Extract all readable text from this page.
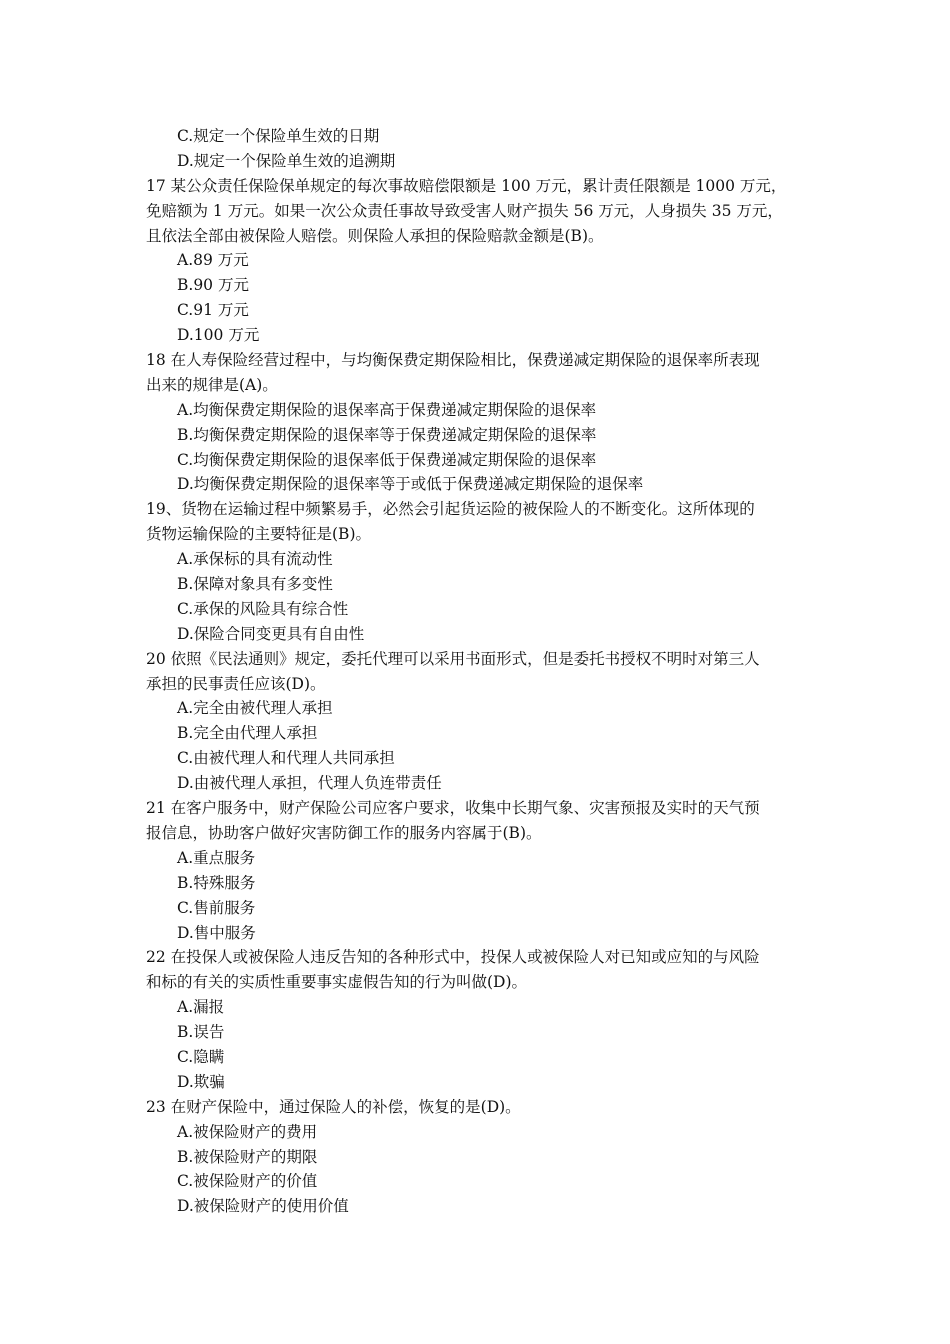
C.规定一个保险单生效的日期
D.规定一个保险单生效的追溯期
17 某公众责任保险保单规定的每次事故赔偿限额是 100 万元，累计责任限额是 1000 万元，
免赔额为 1 万元。如果一次公众责任事故导致受害人财产损失 56 万元，人身损失 35 万元，
且依法全部由被保险人赔偿。则保险人承担的保险赔款金额是(B)。
A.89 万元
B.90 万元
C.91 万元
D.100 万元
18 在人寿保险经营过程中，与均衡保费定期保险相比，保费递减定期保险的退保率所表现
出来的规律是(A)。
A.均衡保费定期保险的退保率高于保费递减定期保险的退保率
B.均衡保费定期保险的退保率等于保费递减定期保险的退保率
C.均衡保费定期保险的退保率低于保费递减定期保险的退保率
D.均衡保费定期保险的退保率等于或低于保费递减定期保险的退保率
19、货物在运输过程中频繁易手，必然会引起货运险的被保险人的不断变化。这所体现的
货物运输保险的主要特征是(B)。
A.承保标的具有流动性
B.保障对象具有多变性
C.承保的风险具有综合性
D.保险合同变更具有自由性
20 依照《民法通则》规定，委托代理可以采用书面形式，但是委托书授权不明时对第三人
承担的民事责任应该(D)。
A.完全由被代理人承担
B.完全由代理人承担
C.由被代理人和代理人共同承担
D.由被代理人承担，代理人负连带责任
21 在客户服务中，财产保险公司应客户要求，收集中长期气象、灾害预报及实时的天气预
报信息，协助客户做好灾害防御工作的服务内容属于(B)。
A.重点服务
B.特殊服务
C.售前服务
D.售中服务
22 在投保人或被保险人违反告知的各种形式中，投保人或被保险人对已知或应知的与风险
和标的有关的实质性重要事实虚假告知的行为叫做(D)。
A.漏报
B.误告
C.隐瞒
D.欺骗
23 在财产保险中，通过保险人的补偿，恢复的是(D)。
A.被保险财产的费用
B.被保险财产的期限
C.被保险财产的价值
D.被保险财产的使用价值
